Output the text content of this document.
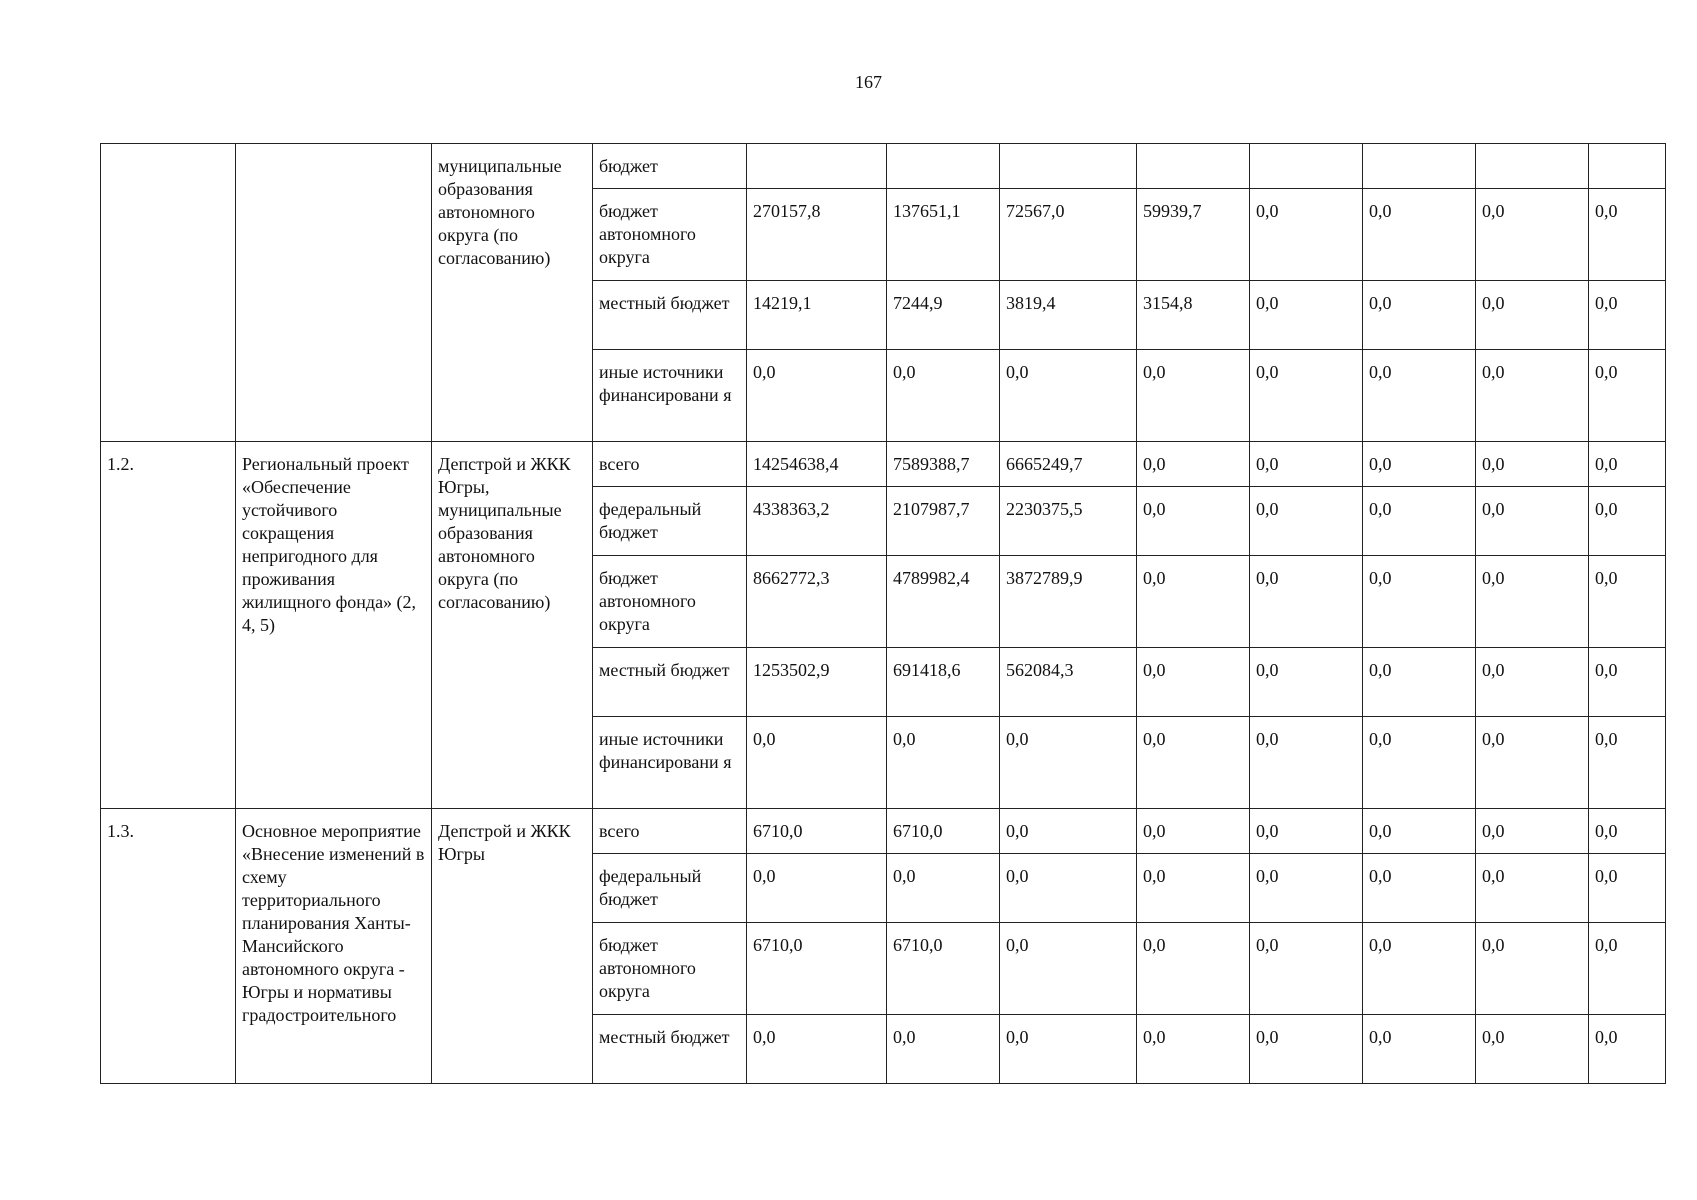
167
		муниципальные образования автономного округа (по согласованию)	бюджет								
			бюджет автономного округа	270157,8	137651,1	72567,0	59939,7	0,0	0,0	0,0	0,0
			местный бюджет	14219,1	7244,9	3819,4	3154,8	0,0	0,0	0,0	0,0
			иные источники финансировани я	0,0	0,0	0,0	0,0	0,0	0,0	0,0	0,0
1.2.	Региональный проект «Обеспечение устойчивого сокращения непригодного для проживания жилищного фонда» (2, 4, 5)	Депстрой и ЖКК Югры, муниципальные образования автономного округа (по согласованию)	всего	14254638,4	7589388,7	6665249,7	0,0	0,0	0,0	0,0	0,0
			федеральный бюджет	4338363,2	2107987,7	2230375,5	0,0	0,0	0,0	0,0	0,0
			бюджет автономного округа	8662772,3	4789982,4	3872789,9	0,0	0,0	0,0	0,0	0,0
			местный бюджет	1253502,9	691418,6	562084,3	0,0	0,0	0,0	0,0	0,0
			иные источники финансировани я	0,0	0,0	0,0	0,0	0,0	0,0	0,0	0,0
1.3.	Основное мероприятие «Внесение изменений в схему территориального планирования Ханты-Мансийского автономного округа - Югры и нормативы градостроительного	Депстрой и ЖКК Югры	всего	6710,0	6710,0	0,0	0,0	0,0	0,0	0,0	0,0
			федеральный бюджет	0,0	0,0	0,0	0,0	0,0	0,0	0,0	0,0
			бюджет автономного округа	6710,0	6710,0	0,0	0,0	0,0	0,0	0,0	0,0
			местный бюджет	0,0	0,0	0,0	0,0	0,0	0,0	0,0	0,0
